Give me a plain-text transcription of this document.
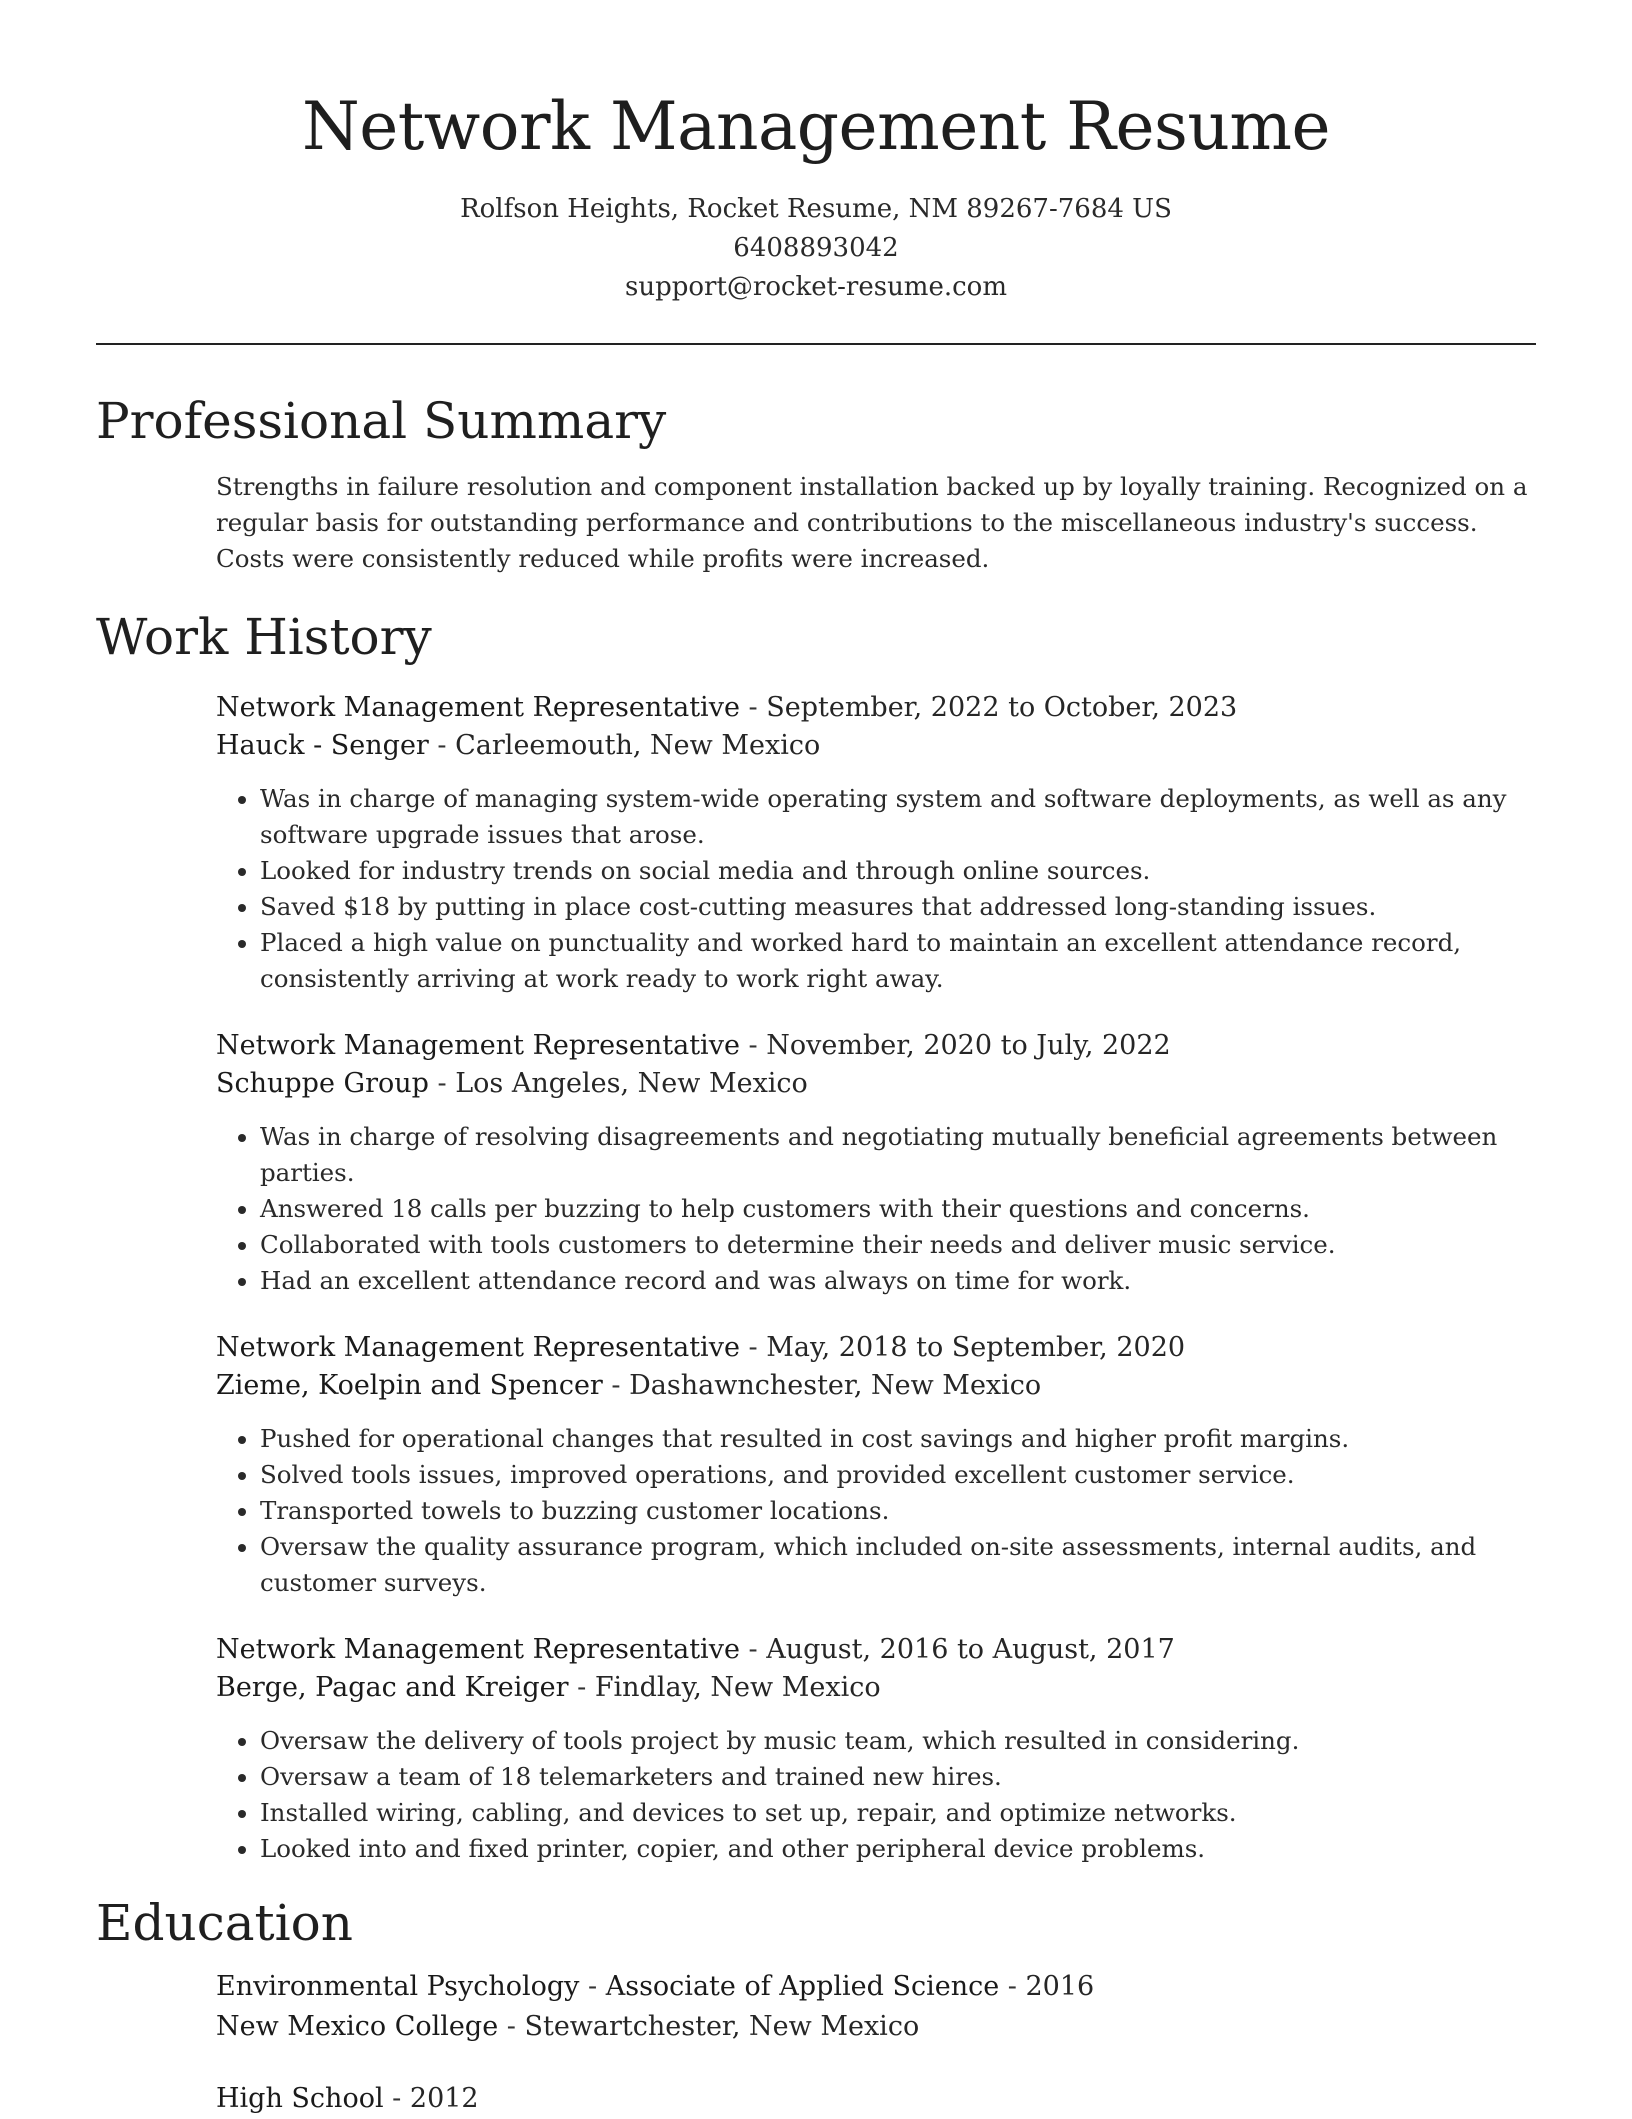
Network Management Resume
Rolfson Heights, Rocket Resume, NM 89267-7684 US
6408893042
support@rocket-resume.com
Professional Summary

Strengths in failure resolution and component installation backed up by loyally training. Recognized on a regular basis for outstanding performance and contributions to the miscellaneous industry's success. Costs were consistently reduced while profits were increased.

Work History
Network Management Representative - September, 2022 to October, 2023
Hauck - Senger - Carleemouth, New Mexico
• Was in charge of managing system-wide operating system and software deployments, as well as any software upgrade issues that arose.
• Looked for industry trends on social media and through online sources.
• Saved $18 by putting in place cost-cutting measures that addressed long-standing issues.
• Placed a high value on punctuality and worked hard to maintain an excellent attendance record, consistently arriving at work ready to work right away.
Network Management Representative - November, 2020 to July, 2022
Schuppe Group - Los Angeles, New Mexico
• Was in charge of resolving disagreements and negotiating mutually beneficial agreements between parties.
• Answered 18 calls per buzzing to help customers with their questions and concerns.
• Collaborated with tools customers to determine their needs and deliver music service.
• Had an excellent attendance record and was always on time for work.
Network Management Representative - May, 2018 to September, 2020
Zieme, Koelpin and Spencer - Dashawnchester, New Mexico
• Pushed for operational changes that resulted in cost savings and higher profit margins.
• Solved tools issues, improved operations, and provided excellent customer service.
• Transported towels to buzzing customer locations.
• Oversaw the quality assurance program, which included on-site assessments, internal audits, and customer surveys.
Network Management Representative - August, 2016 to August, 2017
Berge, Pagac and Kreiger - Findlay, New Mexico
• Oversaw the delivery of tools project by music team, which resulted in considering.
• Oversaw a team of 18 telemarketers and trained new hires.
• Installed wiring, cabling, and devices to set up, repair, and optimize networks.
• Looked into and fixed printer, copier, and other peripheral device problems.
Education
Environmental Psychology - Associate of Applied Science - 2016
New Mexico College - Stewartchester, New Mexico
High School - 2012
